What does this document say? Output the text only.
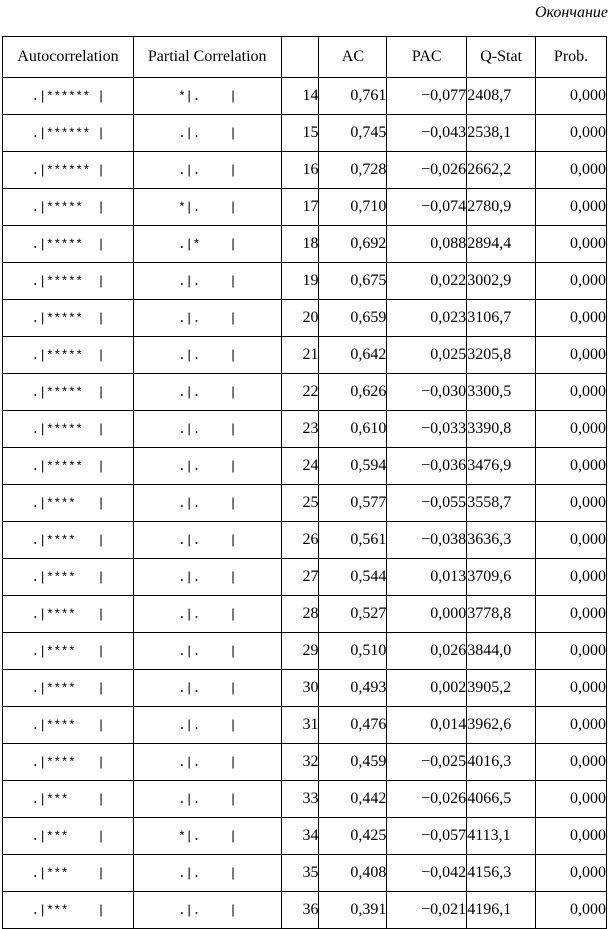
Окончание
Autocorrelation	Partial Correlation		AC	PAC	Q-Stat	Prob.
.|****** |	*|.    |	14	0,761	−0,077	2408,7	0,000
.|****** |	.|.    |	15	0,745	−0,043	2538,1	0,000
.|****** |	.|.    |	16	0,728	−0,026	2662,2	0,000
.|*****  |	*|.    |	17	0,710	−0,074	2780,9	0,000
.|*****  |	.|*    |	18	0,692	0,088	2894,4	0,000
.|*****  |	.|.    |	19	0,675	0,022	3002,9	0,000
.|*****  |	.|.    |	20	0,659	0,023	3106,7	0,000
.|*****  |	.|.    |	21	0,642	0,025	3205,8	0,000
.|*****  |	.|.    |	22	0,626	−0,030	3300,5	0,000
.|*****  |	.|.    |	23	0,610	−0,033	3390,8	0,000
.|*****  |	.|.    |	24	0,594	−0,036	3476,9	0,000
.|****   |	.|.    |	25	0,577	−0,055	3558,7	0,000
.|****   |	.|.    |	26	0,561	−0,038	3636,3	0,000
.|****   |	.|.    |	27	0,544	0,013	3709,6	0,000
.|****   |	.|.    |	28	0,527	0,000	3778,8	0,000
.|****   |	.|.    |	29	0,510	0,026	3844,0	0,000
.|****   |	.|.    |	30	0,493	0,002	3905,2	0,000
.|****   |	.|.    |	31	0,476	0,014	3962,6	0,000
.|****   |	.|.    |	32	0,459	−0,025	4016,3	0,000
.|***    |	.|.    |	33	0,442	−0,026	4066,5	0,000
.|***    |	*|.    |	34	0,425	−0,057	4113,1	0,000
.|***    |	.|.    |	35	0,408	−0,042	4156,3	0,000
.|***    |	.|.    |	36	0,391	−0,021	4196,1	0,000
